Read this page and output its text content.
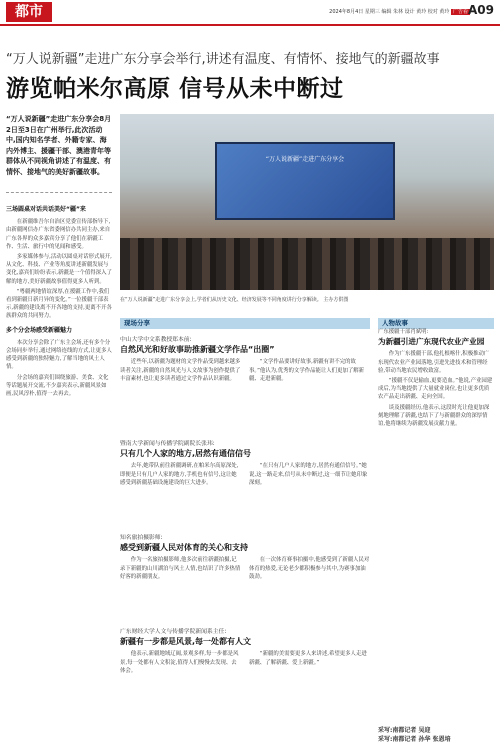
都市	2024年8月4日 星期三 编辑 朱林 设计 黄玲 校对 黄玲 广告看 A09
“万人说新疆”走进广东分享会举行,讲述有温度、有情怀、接地气的新疆故事
游览帕米尔高原 信号从未中断过
“万人说新疆”走进广东分享会8月2日至3日在广州举行,此次活动中,国内知名学者、外籍专家、海内外博主、援疆干部、澳港青年等群体从不同视角讲述了有温度、有情怀、接地气的美好新疆故事。
三场圆桌对话共话美好“疆”来

在新疆维吾尔自治区党委宣传部指导下,由新疆网信办广东省委网信办共同主办,来自广东各界的众多嘉宾分享了他们在新疆工作、生活、旅行中的见闻和感受。

多家媒体参与,活动以圆桌对话形式展开,从文化、科技、产业等角度讲述新疆发展与变化,嘉宾们纷纷表示,新疆是一个值得深入了解的地方,美好新疆故事值得更多人听到。

“粤疆两地情谊深厚,在援疆工作中,我们看到新疆日新月异的变化。”一位援疆干部表示,新疆的建设离不开各地的支持,更离不开各族群众的共同努力。

多个分会场感受新疆魅力

本次分享会除了广东主会场,还有多个分会场同步举行,通过网络连线的方式,让更多人感受到新疆的独特魅力,了解当地的风土人情。

分会场的嘉宾们围绕旅游、美食、文化等话题展开交流,不少嘉宾表示,新疆风景如画,民风淳朴,值得一去再去。

“万人说新疆”走进广东分享会
在“万人说新疆”走进广东分享会上,学者们从历史文化、经济发展等不同角度讲行分享解读。 主办方供图
现场分享	人物故事
中山大学中文系教授郑本前:
自然风光和好故事助推新疆文学作品“出圈”

近些年,以新疆为题材的文学作品受到越来越多读者关注,新疆的自然风光与人文故事为创作提供了丰富素材,也让更多读者通过文学作品认识新疆。

“文学作品要讲好故事,新疆有讲不完的故事。”他认为,优秀的文学作品能让人们更加了解新疆、走进新疆。

暨南大学新闻与传播学院副院长张玮:
只有几个人家的地方,居然有通信信号

去年,她带队前往新疆调研,在帕米尔高原深处,即便是只有几户人家的地方,手机也有信号,这让她感受到新疆基础设施建设的巨大进步。

“在只有几户人家的地方,居然有通信信号。”她说,这一路走来,信号从未中断过,这一细节让她印象深刻。

知名旅拍摄影师:
感受到新疆人民对体育的关心和支持

作为一名旅拍摄影师,他多次前往新疆拍摄,记录下新疆的山川湖泊与风土人情,也结识了许多热情好客的新疆朋友。

在一次体育赛事拍摄中,他感受到了新疆人民对体育的热爱,无论老少都积极参与其中,为赛事加油鼓劲。

广东财经大学人文与传播学院新闻系主任:
新疆有一步都是风景,每一处都有人文

他表示,新疆地域辽阔,景观多样,每一步都是风景,每一处都有人文积淀,值得人们慢慢去发现、去体会。

“新疆的美需要更多人来讲述,希望更多人走进新疆、了解新疆、爱上新疆。”

广东援疆干部肖斌明:
为新疆引进广东现代农业产业园

作为广东援疆干部,他扎根喀什,积极推动广东现代农业产业园落地,引进先进技术和管理经验,带动当地农民增收致富。

“援疆不仅是输血,更要造血。”他说,产业园建成后,为当地提供了大量就业岗位,也让更多优质农产品走出新疆、走向全国。

谈及援疆经历,他表示,这段时光让他更加深刻地理解了新疆,也结下了与新疆群众的深厚情谊,他将继续为新疆发展贡献力量。

采写:南都记者 吴迎
采写:南都记者 孙华 张恩培
